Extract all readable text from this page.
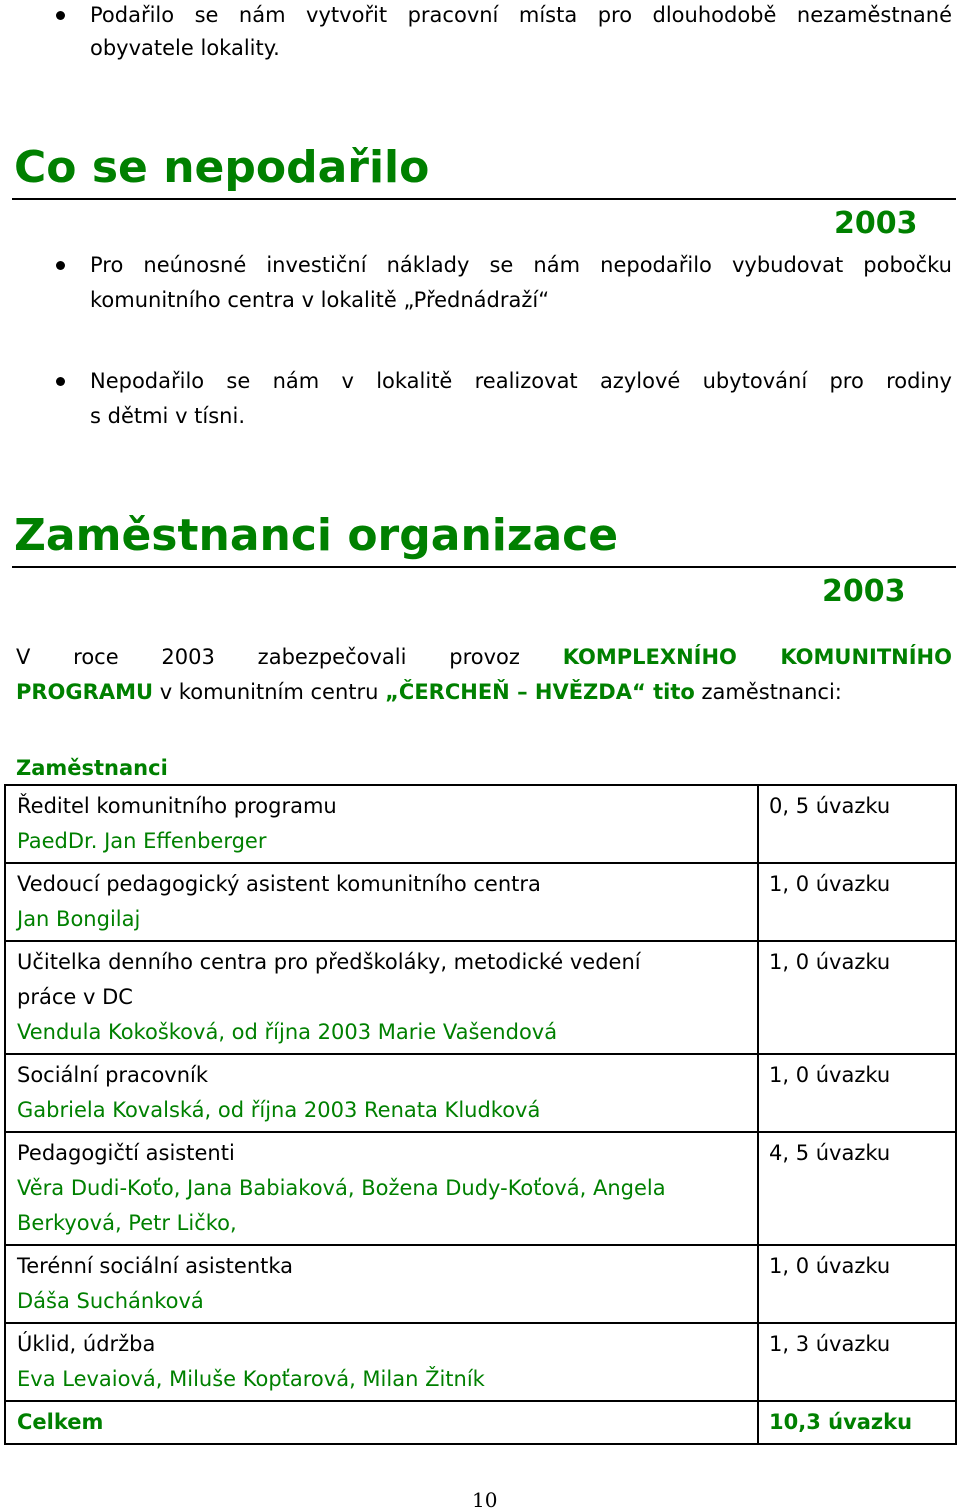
Podařilo se nám vytvořit pracovní místa pro dlouhodobě nezaměstnané
obyvatele lokality.
Co se nepodařilo
2003
Pro neúnosné investiční náklady se nám nepodařilo vybudovat pobočku
komunitního centra v lokalitě „Přednádraží“
Nepodařilo se nám v lokalitě realizovat azylové ubytování pro rodiny
s dětmi v tísni.
Zaměstnanci organizace
2003
V roce 2003 zabezpečovali provoz KOMPLEXNÍHO KOMUNITNÍHO
PROGRAMU v komunitním centru „ČERCHEŇ – HVĚZDA“ tito zaměstnanci:
Zaměstnanci
Ředitel komunitního programu
PaedDr. Jan Effenberger	0, 5 úvazku

Vedoucí pedagogický asistent komunitního centra
Jan Bongilaj	1, 0 úvazku

Učitelka denního centra pro předškoláky, metodické vedení
práce v DC
Vendula Kokošková, od října 2003 Marie Vašendová	1, 0 úvazku

Sociální pracovník
Gabriela Kovalská, od října 2003 Renata Kludková	1, 0 úvazku

Pedagogičtí asistenti
Věra Dudi-Koťo, Jana Babiaková, Božena Dudy-Koťová, Angela
Berkyová, Petr Ličko,	4, 5 úvazku

Terénní sociální asistentka
Dáša Suchánková	1, 0 úvazku

Úklid, údržba
Eva Levaiová, Miluše Kopťarová, Milan Žitník	1, 3 úvazku

Celkem	10,3 úvazku
10
